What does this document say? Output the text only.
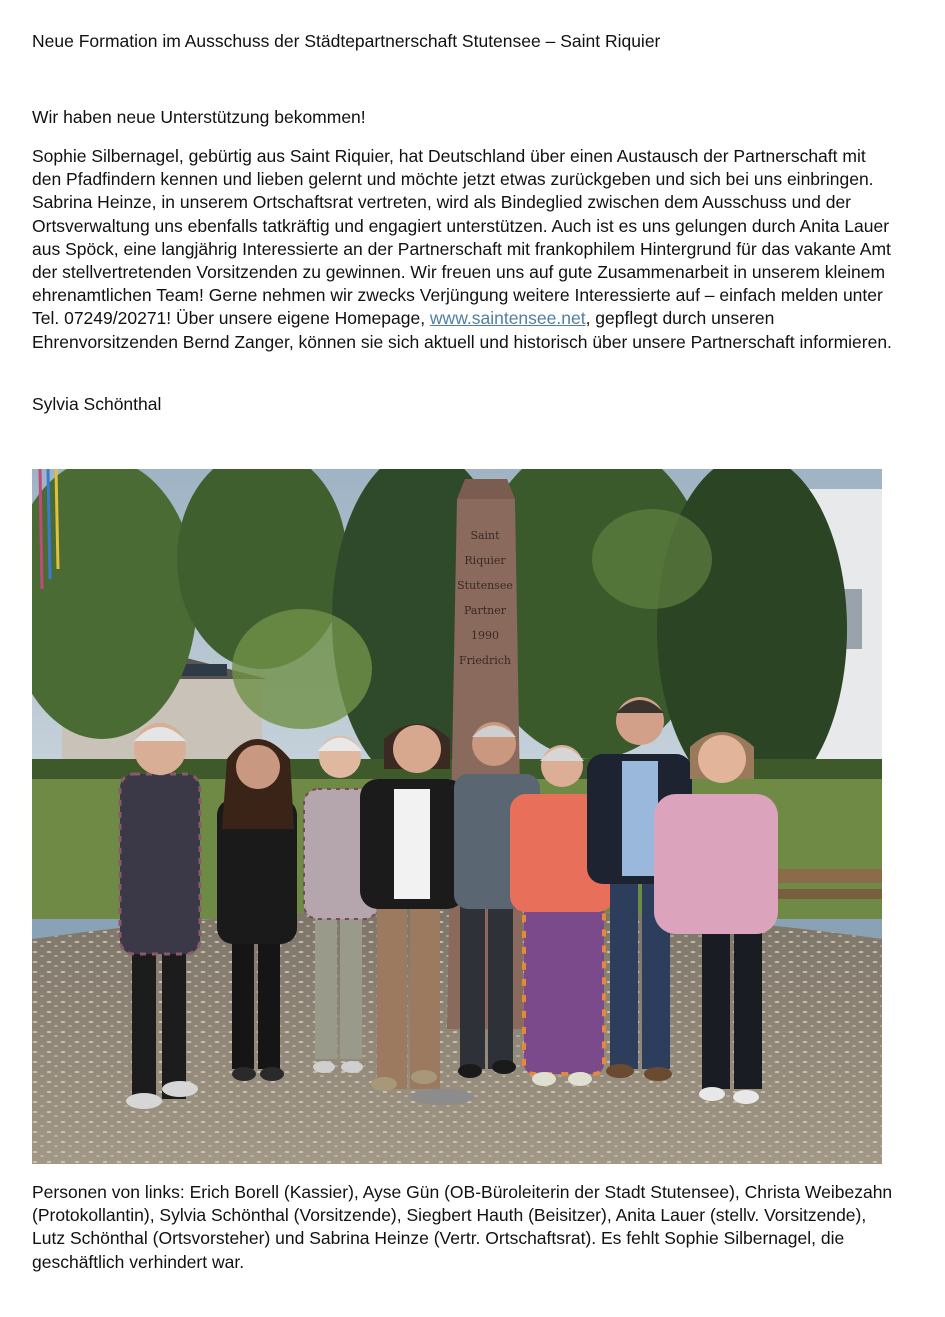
Neue Formation im Ausschuss der Städtepartnerschaft Stutensee – Saint Riquier

Wir haben neue Unterstützung bekommen!

Sophie Silbernagel, gebürtig aus Saint Riquier, hat Deutschland über einen Austausch der Partnerschaft mit den Pfadfindern kennen und lieben gelernt und möchte jetzt etwas zurückgeben und sich bei uns einbringen. Sabrina Heinze, in unserem Ortschaftsrat vertreten, wird als Bindeglied zwischen dem Ausschuss und der Ortsverwaltung uns ebenfalls tatkräftig und engagiert unterstützen. Auch ist es uns gelungen durch Anita Lauer aus Spöck, eine langjährig Interessierte an der Partnerschaft mit frankophilem Hintergrund für das vakante Amt der stellvertretenden Vorsitzenden zu gewinnen. Wir freuen uns auf gute Zusammenarbeit in unserem kleinem ehrenamtlichen Team! Gerne nehmen wir zwecks Verjüngung weitere Interessierte auf – einfach melden unter Tel. 07249/20271! Über unsere eigene Homepage, www.saintensee.net, gepflegt durch unseren Ehrenvorsitzenden Bernd Zanger, können sie sich aktuell und historisch über unsere Partnerschaft informieren.

Sylvia Schönthal

Saint
Riquier
Stutensee
Partner
1990
Friedrich

Personen von links: Erich Borell (Kassier), Ayse Gün (OB-Büroleiterin der Stadt Stutensee), Christa Weibezahn (Protokollantin), Sylvia Schönthal (Vorsitzende), Siegbert Hauth (Beisitzer), Anita Lauer (stellv. Vorsitzende), Lutz Schönthal (Ortsvorsteher) und Sabrina Heinze (Vertr. Ortschaftsrat). Es fehlt Sophie Silbernagel, die geschäftlich verhindert war.
